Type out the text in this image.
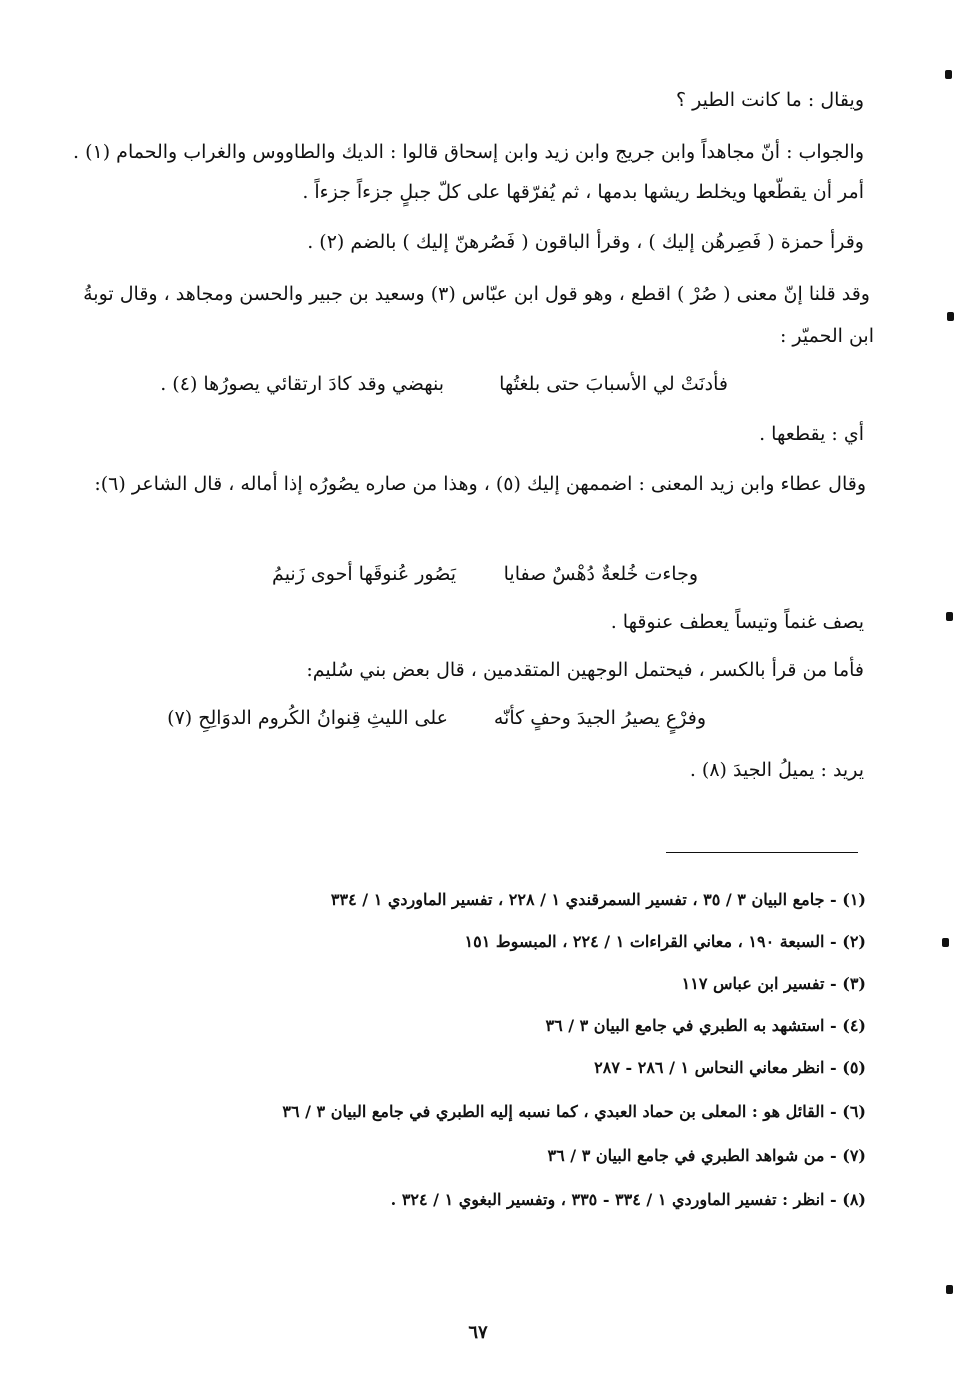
ويقال : ما كانت الطير ؟
والجواب : أنّ مجاهداً وابن جريج وابن زيد وابن إسحاق قالوا : الديك والطاووس والغراب والحمام (١) .
أمر أن يقطّعها ويخلط ريشها بدمها ، ثم يُفرّقها على كلّ جبلٍ جزءاً جزءاً .
وقرأ حمزة ( فَصِرهُن إليك ) ، وقرأ الباقون ( فَصُرهنّ إليك ) بالضم (٢) .
وقد قلنا إنّ معنى ( صُرْ ) اقطع ، وهو قول ابن عبّاس (٣) وسعيد بن جبير والحسن ومجاهد ، وقال توبةُ
ابن الحميّر :
فأدنَتْ لي الأسبابَ حتى بلغتُها
بنهضي وقد كادَ ارتقائي يصورُها (٤) .
أي : يقطعها .
وقال عطاء وابن زيد المعنى : اضممهن إليك (٥) ، وهذا من صاره يصُورُه إذا أماله ، قال الشاعر (٦):
وجاءت خُلعةٌ دُهْسٌ صفايا
يَصُور عُنوقَها أحوى زَنيمُ
يصف غنماً وتيساً يعطف عنوقها .
فأما من قرأ بالكسر ، فيحتمل الوجهين المتقدمين ، قال بعض بني سُليم:
وفرْعٍ يصيرُ الجيدَ وحفٍ كأنّه
على الليثِ قِنوانُ الكُروم الدوَالِحِ (٧)
يريد : يميلُ الجيدَ (٨) .
(١) - جامع البيان ٣ / ٣٥ ، تفسير السمرقندي ١ / ٢٢٨ ، تفسير الماوردي ١ / ٣٣٤
(٢) - السبعة ١٩٠ ، معاني القراءات ١ / ٢٢٤ ، المبسوط ١٥١
(٣) - تفسير ابن عباس ١١٧
(٤) - استشهد به الطبري في جامع البيان ٣ / ٣٦
(٥) - انظر معاني النحاس ١ / ٢٨٦ - ٢٨٧
(٦) - القائل هو : المعلى بن حماد العبدي ، كما نسبه إليه الطبري في جامع البيان ٣ / ٣٦
(٧) - من شواهد الطبري في جامع البيان ٣ / ٣٦
(٨) - انظر : تفسير الماوردي ١ / ٣٣٤ - ٣٣٥ ، وتفسير البغوي ١ / ٣٢٤ .
٦٧
